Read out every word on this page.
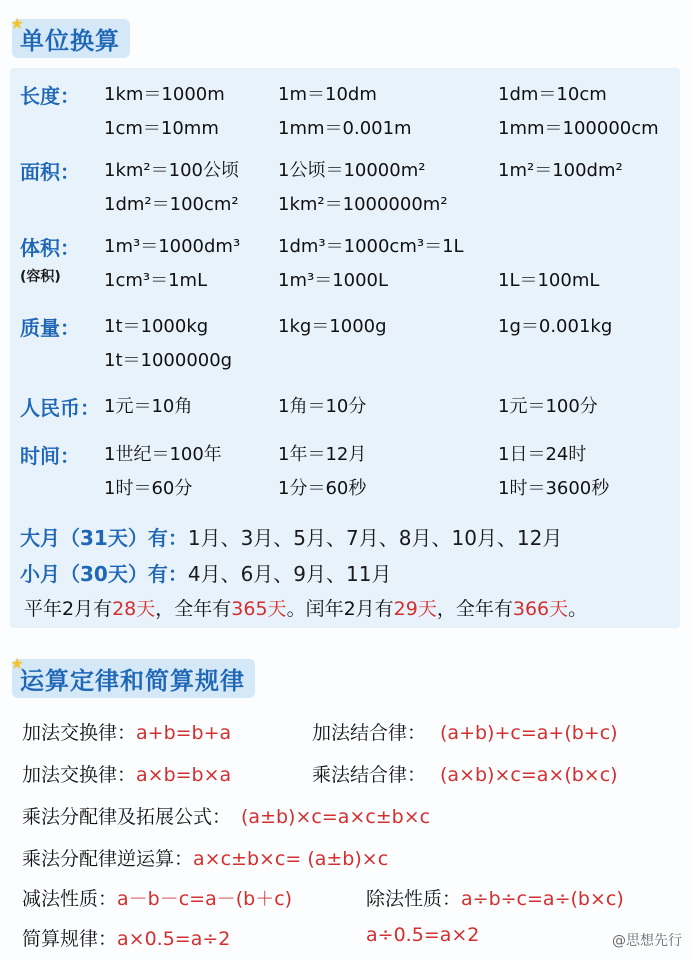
★
单位换算
长度： 1km＝1000m	1m＝10dm	1dm＝10cm
1cm＝10mm	1mm＝0.001m	1mm＝100000cm
面积： 1km²＝100公顷 1公顷＝10000m²	1m²＝100dm²
1dm²＝100cm² 1km²＝1000000m²
体积：
(容积)
1m³＝1000dm³ 1dm³＝1000cm³＝1L
1cm³＝1mL	1m³＝1000L	1L＝100mL
质量： 1t＝1000kg	1kg＝1000g	1g＝0.001kg
1t＝1000000g
人民币： 1元＝10角	1角＝10分	1元＝100分
时间： 1世纪＝100年	1年＝12月	1日＝24时
1时＝60分	1分＝60秒	1时＝3600秒
大月（31天）有：1月、3月、5月、7月、8月、10月、12月
小月（30天）有：4月、6月、9月、11月
平年2月有28天，全年有365天。闰年2月有29天，全年有366天。
★
运算定律和简算规律
加法交换律：a+b=b+a	加法结合律： (a+b)+c=a+(b+c)
加法交换律：a×b=b×a	乘法结合律： (a×b)×c=a×(b×c)
乘法分配律及拓展公式： (a±b)×c=a×c±b×c
乘法分配律逆运算：a×c±b×c= (a±b)×c
减法性质：a－b－c=a－(b＋c)	除法性质：a÷b÷c=a÷(b×c)
简算规律：a×0.5=a÷2	a÷0.5=a×2	@思想先行
